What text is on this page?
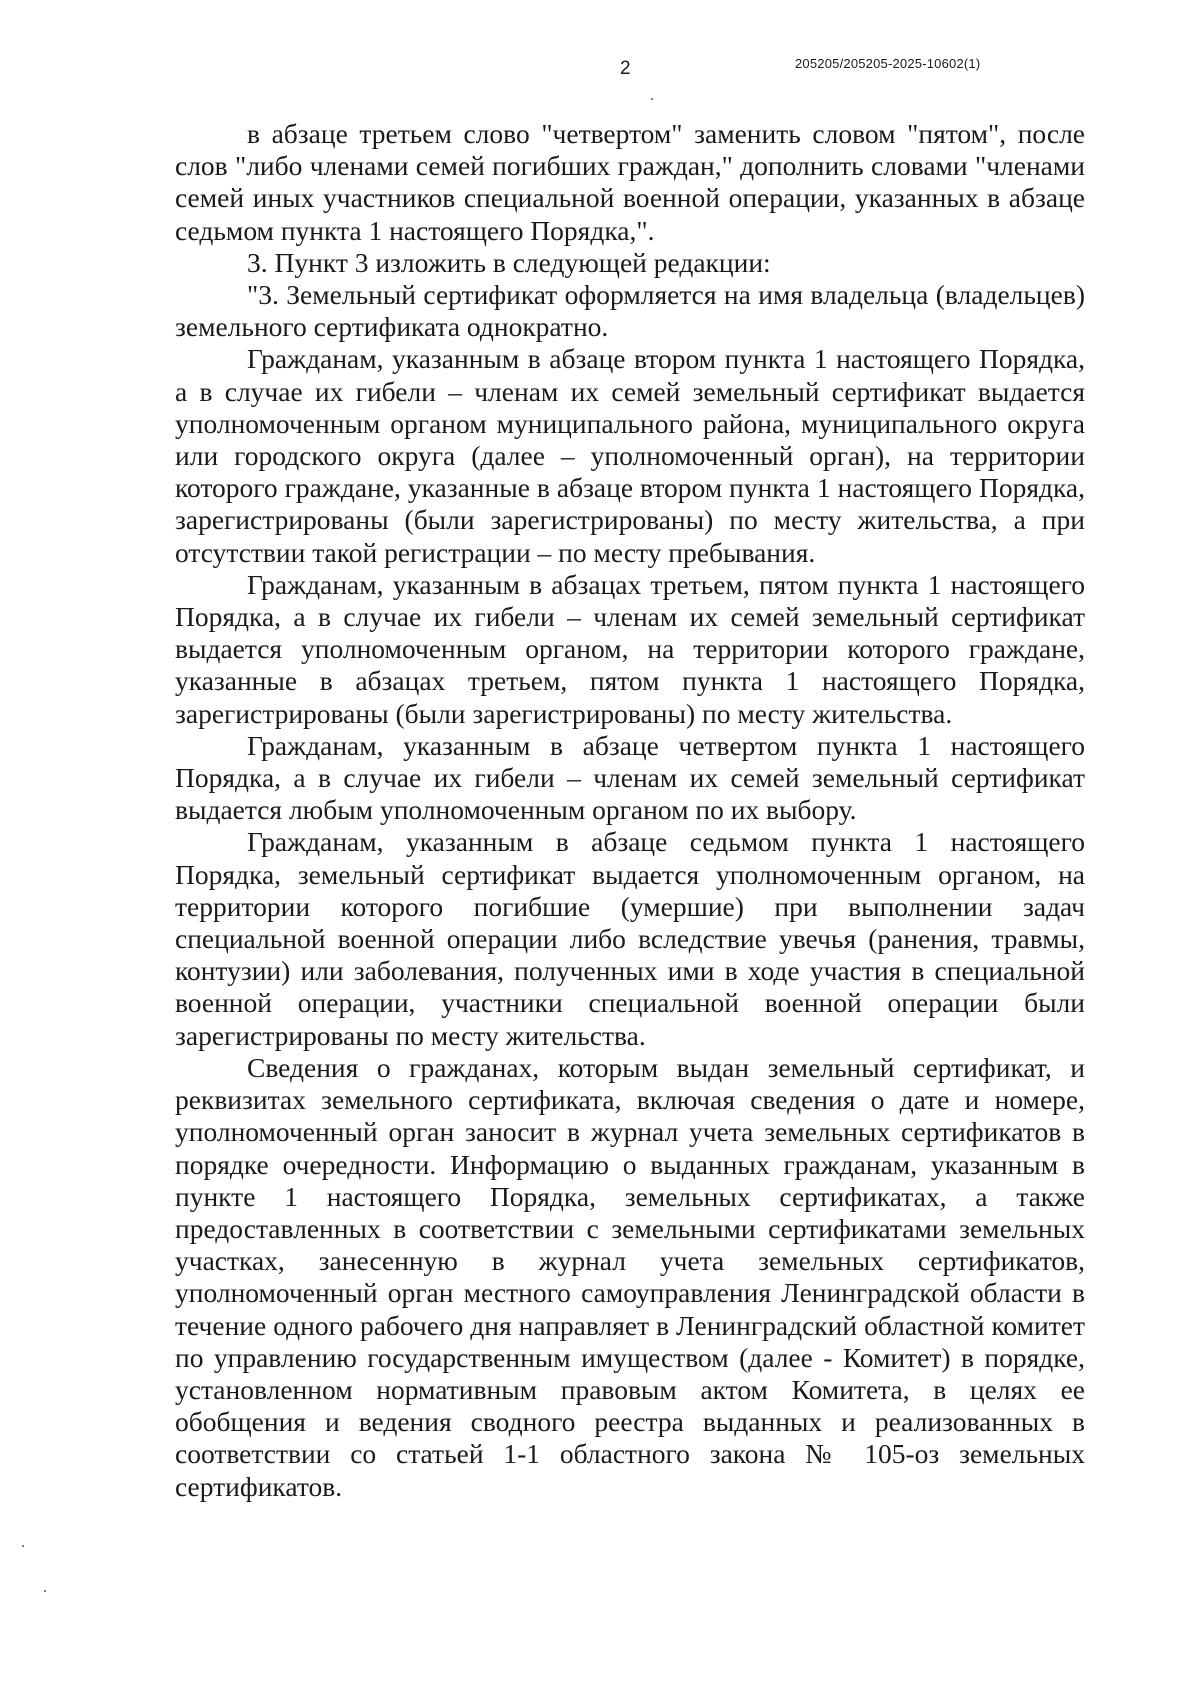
2	205205/205205-2025-10602(1)

в абзаце третьем слово "четвертом" заменить словом "пятом", после слов "либо членами семей погибших граждан," дополнить словами "членами семей иных участников специальной военной операции, указанных в абзаце седьмом пункта 1 настоящего Порядка,".

3. Пункт 3 изложить в следующей редакции:

"3. Земельный сертификат оформляется на имя владельца (владельцев) земельного сертификата однократно.

Гражданам, указанным в абзаце втором пункта 1 настоящего Порядка, а в случае их гибели – членам их семей земельный сертификат выдается уполномоченным органом муниципального района, муниципального округа или городского округа (далее – уполномоченный орган), на территории которого граждане, указанные в абзаце втором пункта 1 настоящего Порядка, зарегистрированы (были зарегистрированы) по месту жительства, а при отсутствии такой регистрации – по месту пребывания.

Гражданам, указанным в абзацах третьем, пятом пункта 1 настоящего Порядка, а в случае их гибели – членам их семей земельный сертификат выдается уполномоченным органом, на территории которого граждане, указанные в абзацах третьем, пятом пункта 1 настоящего Порядка, зарегистрированы (были зарегистрированы) по месту жительства.

Гражданам, указанным в абзаце четвертом пункта 1 настоящего Порядка, а в случае их гибели – членам их семей земельный сертификат выдается любым уполномоченным органом по их выбору.

Гражданам, указанным в абзаце седьмом пункта 1 настоящего Порядка, земельный сертификат выдается уполномоченным органом, на территории которого погибшие (умершие) при выполнении задач специальной военной операции либо вследствие увечья (ранения, травмы, контузии) или заболевания, полученных ими в ходе участия в специальной военной операции, участники специальной военной операции были зарегистрированы по месту жительства.

Сведения о гражданах, которым выдан земельный сертификат, и реквизитах земельного сертификата, включая сведения о дате и номере, уполномоченный орган заносит в журнал учета земельных сертификатов в порядке очередности. Информацию о выданных гражданам, указанным в пункте 1 настоящего Порядка, земельных сертификатах, а также предоставленных в соответствии с земельными сертификатами земельных участках, занесенную в журнал учета земельных сертификатов, уполномоченный орган местного самоуправления Ленинградской области в течение одного рабочего дня направляет в Ленинградский областной комитет по управлению государственным имуществом (далее - Комитет) в порядке, установленном нормативным правовым актом Комитета, в целях ее обобщения и ведения сводного реестра выданных и реализованных в соответствии со статьей 1-1 областного закона № 105-оз земельных сертификатов.
